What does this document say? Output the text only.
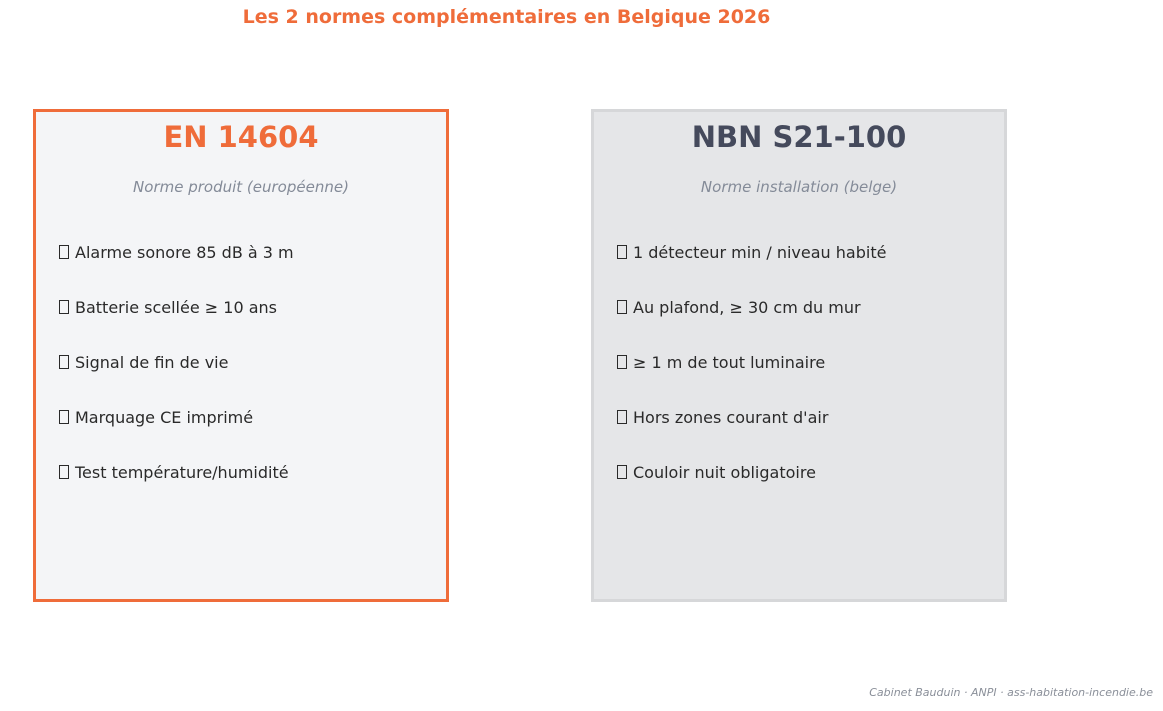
Les 2 normes complémentaires en Belgique 2026
EN 14604
Norme produit (européenne)
Alarme sonore 85 dB à 3 m
Batterie scellée ≥ 10 ans
Signal de fin de vie
Marquage CE imprimé
Test température/humidité
NBN S21-100
Norme installation (belge)
1 détecteur min / niveau habité
Au plafond, ≥ 30 cm du mur
≥ 1 m de tout luminaire
Hors zones courant d'air
Couloir nuit obligatoire
Cabinet Bauduin · ANPI · ass-habitation-incendie.be
